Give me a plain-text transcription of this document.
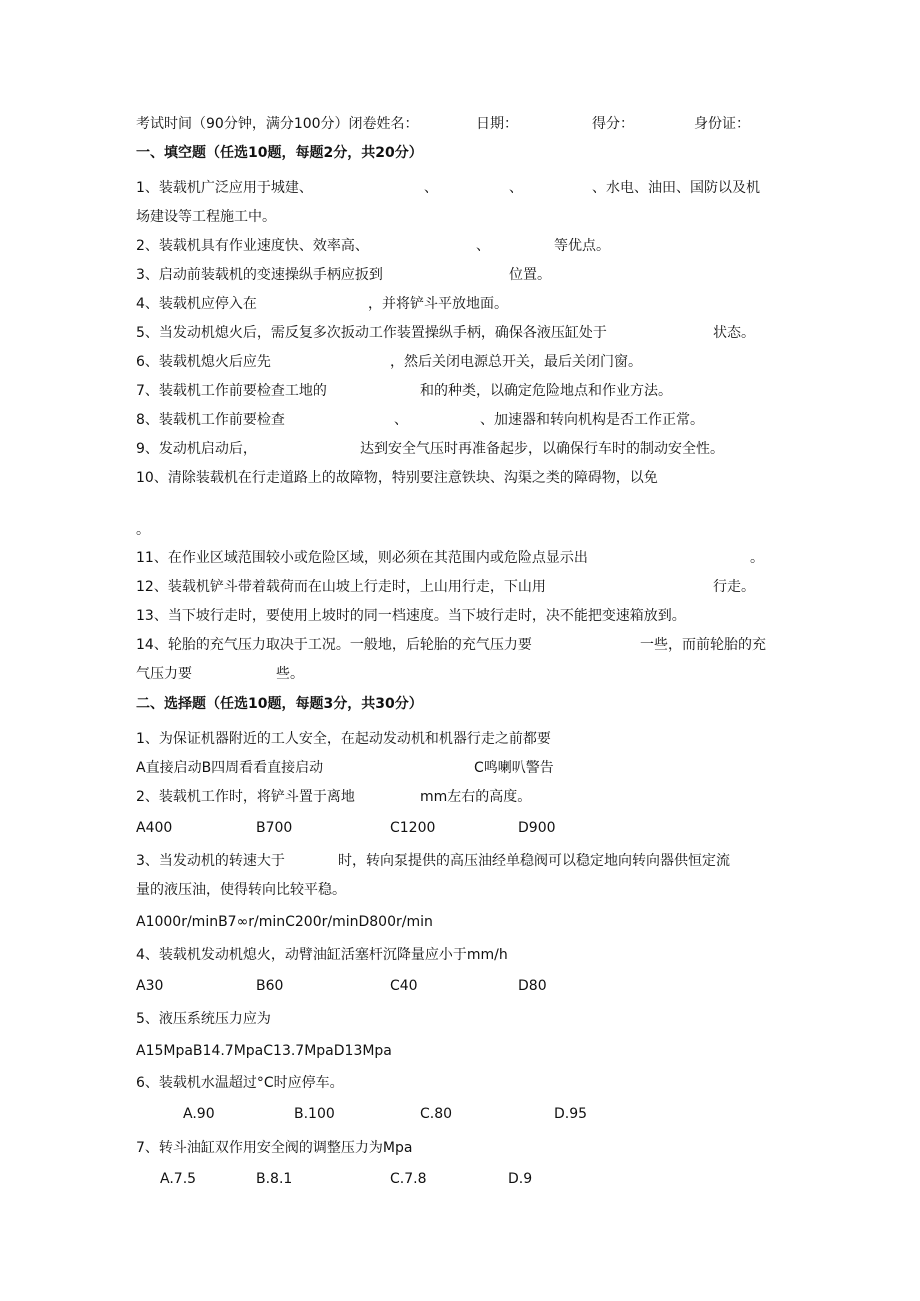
考试时间（90分钟，满分100分）闭卷姓名：	日期：	得分：	身份证：
一、填空题（任选10题，每题2分，共20分）
1、装载机广泛应用于城建、	、	、	、水电、油田、国防以及机
场建设等工程施工中。
2、装载机具有作业速度快、效率高、	、	等优点。
3、启动前装载机的变速操纵手柄应扳到	位置。
4、装载机应停入在	，并将铲斗平放地面。
5、当发动机熄火后，需反复多次扳动工作装置操纵手柄，确保各液压缸处于	状态。
6、装载机熄火后应先	，然后关闭电源总开关，最后关闭门窗。
7、装载机工作前要检查工地的	和的种类，以确定危险地点和作业方法。
8、装载机工作前要检查	、	、加速器和转向机构是否工作正常。
9、发动机启动后，	达到安全气压时再准备起步，以确保行车时的制动安全性。
10、清除装载机在行走道路上的故障物，特别要注意铁块、沟渠之类的障碍物，以免
。
11、在作业区域范围较小或危险区域，则必须在其范围内或危险点显示出	。
12、装载机铲斗带着载荷而在山坡上行走时，上山用行走，下山用	行走。
13、当下坡行走时，要使用上坡时的同一档速度。当下坡行走时，决不能把变速箱放到。
14、轮胎的充气压力取决于工况。一般地，后轮胎的充气压力要	一些，而前轮胎的充
气压力要	些。
二、选择题（任选10题，每题3分，共30分）
1、为保证机器附近的工人安全，在起动发动机和机器行走之前都要
A直接启动B四周看看直接启动	C鸣喇叭警告
2、装载机工作时，将铲斗置于离地	mm左右的高度。
A400	B700	C1200	D900
3、当发动机的转速大于	时，转向泵提供的高压油经单稳阀可以稳定地向转向器供恒定流
量的液压油，使得转向比较平稳。
A1000r/minB7∞r/minC200r/minD800r/min
4、装载机发动机熄火，动臂油缸活塞杆沉降量应小于mm/h
A30	B60	C40	D80
5、液压系统压力应为
A15MpaB14.7MpaC13.7MpaD13Mpa
6、装载机水温超过°C时应停车。
A.90	B.100	C.80	D.95
7、转斗油缸双作用安全阀的调整压力为Mpa
A.7.5	B.8.1	C.7.8	D.9
